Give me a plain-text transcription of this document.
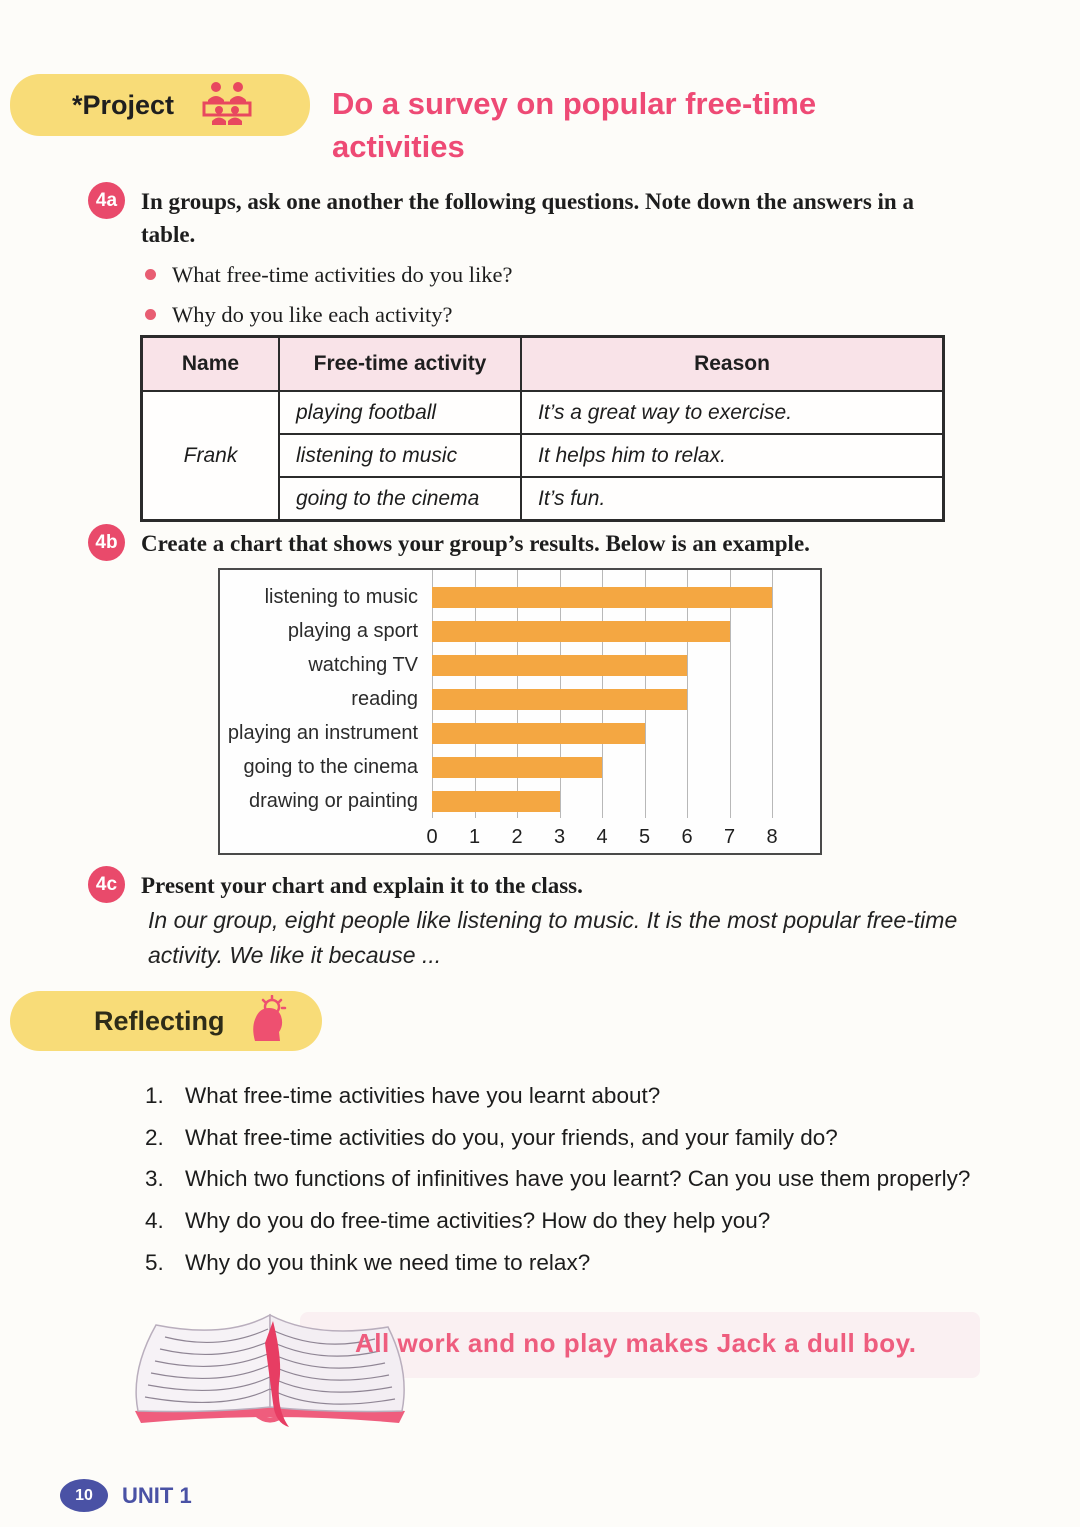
*Project	Do a survey on popular free-time activities
4a	In groups, ask one another the following questions. Note down the answers in a table.
What free-time activities do you like?
Why do you like each activity?
Name	Free-time activity	Reason
Frank	playing football	It’s a great way to exercise.
	listening to music	It helps him to relax.
	going to the cinema	It’s fun.
4b	Create a chart that shows your group’s results. Below is an example.
listening to music
playing a sport
watching TV
reading
playing an instrument
going to the cinema
drawing or painting
0 1 2 3 4 5 6 7 8
4c	Present your chart and explain it to the class.
In our group, eight people like listening to music. It is the most popular free-time activity. We like it because ...
Reflecting
1. What free-time activities have you learnt about?
2. What free-time activities do you, your friends, and your family do?
3. Which two functions of infinitives have you learnt? Can you use them properly?
4. Why do you do free-time activities? How do they help you?
5. Why do you think we need time to relax?
All work and no play makes Jack a dull boy.
10	UNIT 1
